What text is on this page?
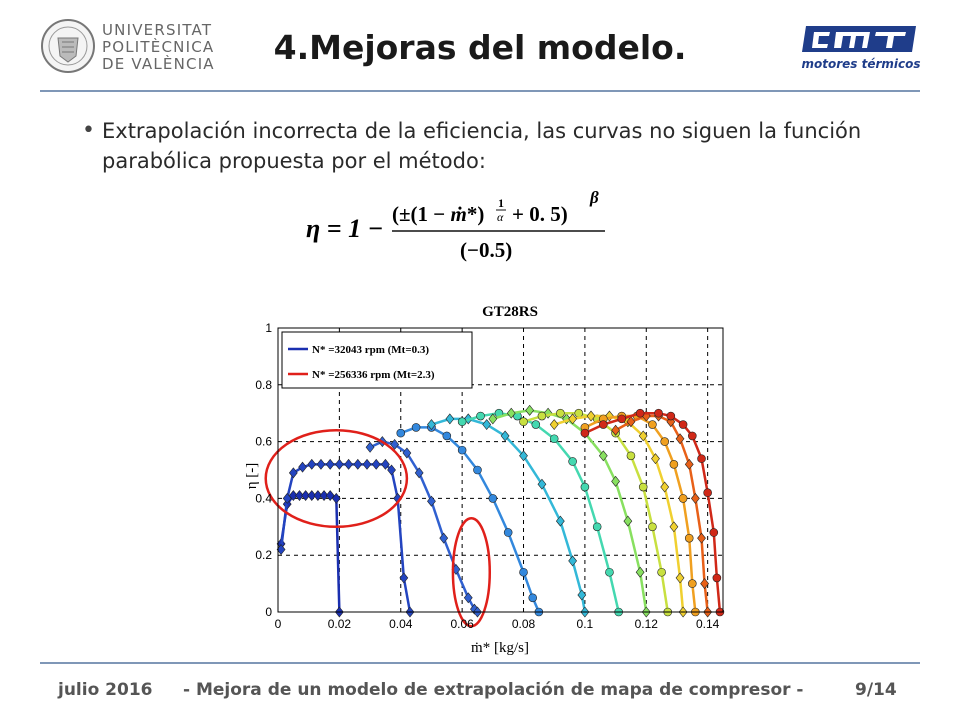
UNIVERSITAT
POLITÈCNICA
DE VALÈNCIA	4.Mejoras del modelo.	motores térmicos
• Extrapolación incorrecta de la eficiencia, las curvas no siguen la función
parabólica propuesta por el método:
η = 1 − (±(1 − ṁ*) 1
α + 0. 5)
β
(−0.5)
0	0.02	0.04	0.06	0.08	0.1	0.12	0.14
0
0.2
0.4
0.6
0.8
1
N* =32043 rpm (Mt=0.3)
N* =256336 rpm (Mt=2.3)
GT28RS
ṁ* [kg/s]
η [-]
julio 2016 - Mejora de un modelo de extrapolación de mapa de compresor -	9/14
